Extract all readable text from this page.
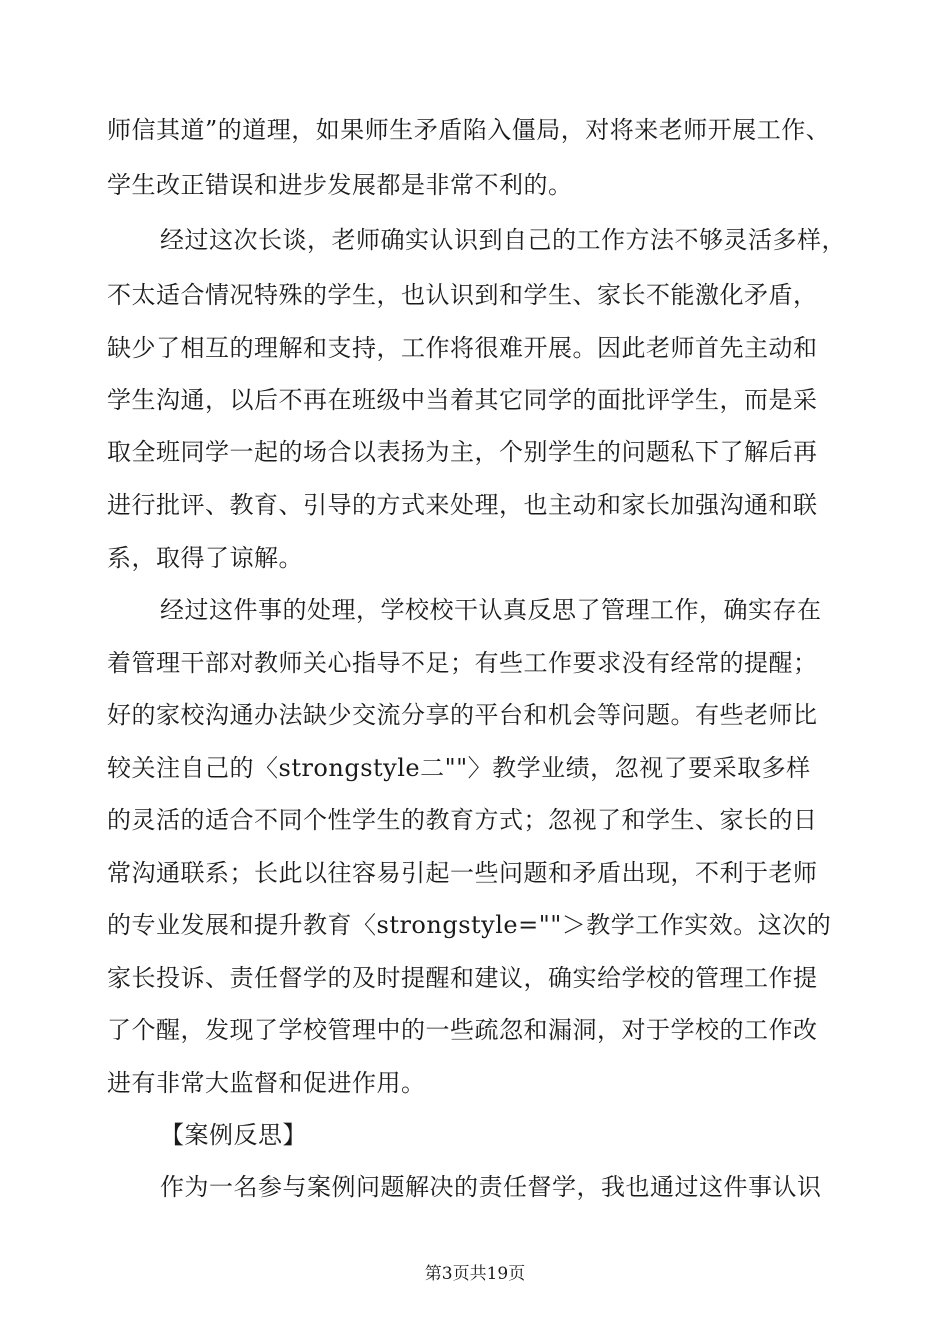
师信其道”的道理，如果师生矛盾陷入僵局，对将来老师开展工作、
学生改正错误和进步发展都是非常不利的。
经过这次长谈，老师确实认识到自己的工作方法不够灵活多样，
不太适合情况特殊的学生，也认识到和学生、家长不能激化矛盾，
缺少了相互的理解和支持，工作将很难开展。因此老师首先主动和
学生沟通，以后不再在班级中当着其它同学的面批评学生，而是采
取全班同学一起的场合以表扬为主，个别学生的问题私下了解后再
进行批评、教育、引导的方式来处理，也主动和家长加强沟通和联
系，取得了谅解。
经过这件事的处理，学校校干认真反思了管理工作，确实存在
着管理干部对教师关心指导不足；有些工作要求没有经常的提醒；
好的家校沟通办法缺少交流分享的平台和机会等问题。有些老师比
较关注自己的〈strongstyle二""〉教学业绩，忽视了要采取多样
的灵活的适合不同个性学生的教育方式；忽视了和学生、家长的日
常沟通联系；长此以往容易引起一些问题和矛盾出现，不利于老师
的专业发展和提升教育〈strongstyle=""＞教学工作实效。这次的
家长投诉、责任督学的及时提醒和建议，确实给学校的管理工作提
了个醒，发现了学校管理中的一些疏忽和漏洞，对于学校的工作改
进有非常大监督和促进作用。
【案例反思】
作为一名参与案例问题解决的责任督学，我也通过这件事认识
第3页共19页
